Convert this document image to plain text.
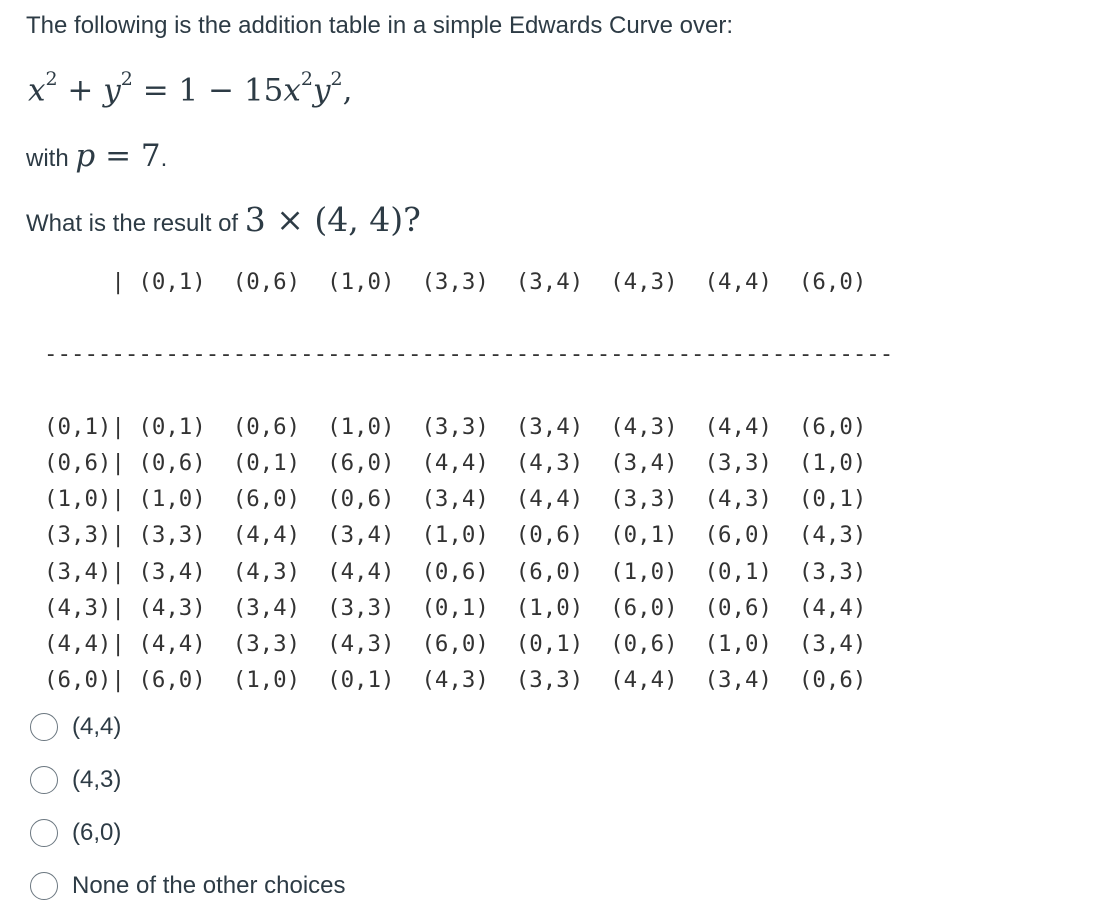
The following is the addition table in a simple Edwards Curve over:
$x^2 + y^2 = 1 - 15x^2y^2$,
with p = 7.
What is the result of 3 × (4, 4)?
| (0,1)  (0,6)  (1,0)  (3,3)  (3,4)  (4,3)  (4,4)  (6,0)
---------------------------------------------------------------
(0,1)| (0,1)  (0,6)  (1,0)  (3,3)  (3,4)  (4,3)  (4,4)  (6,0)
(0,6)| (0,6)  (0,1)  (6,0)  (4,4)  (4,3)  (3,4)  (3,3)  (1,0)
(1,0)| (1,0)  (6,0)  (0,6)  (3,4)  (4,4)  (3,3)  (4,3)  (0,1)
(3,3)| (3,3)  (4,4)  (3,4)  (1,0)  (0,6)  (0,1)  (6,0)  (4,3)
(3,4)| (3,4)  (4,3)  (4,4)  (0,6)  (6,0)  (1,0)  (0,1)  (3,3)
(4,3)| (4,3)  (3,4)  (3,3)  (0,1)  (1,0)  (6,0)  (0,6)  (4,4)
(4,4)| (4,4)  (3,3)  (4,3)  (6,0)  (0,1)  (0,6)  (1,0)  (3,4)
(6,0)| (6,0)  (1,0)  (0,1)  (4,3)  (3,3)  (4,4)  (3,4)  (0,6)
(4,4)
(4,3)
(6,0)
None of the other choices
